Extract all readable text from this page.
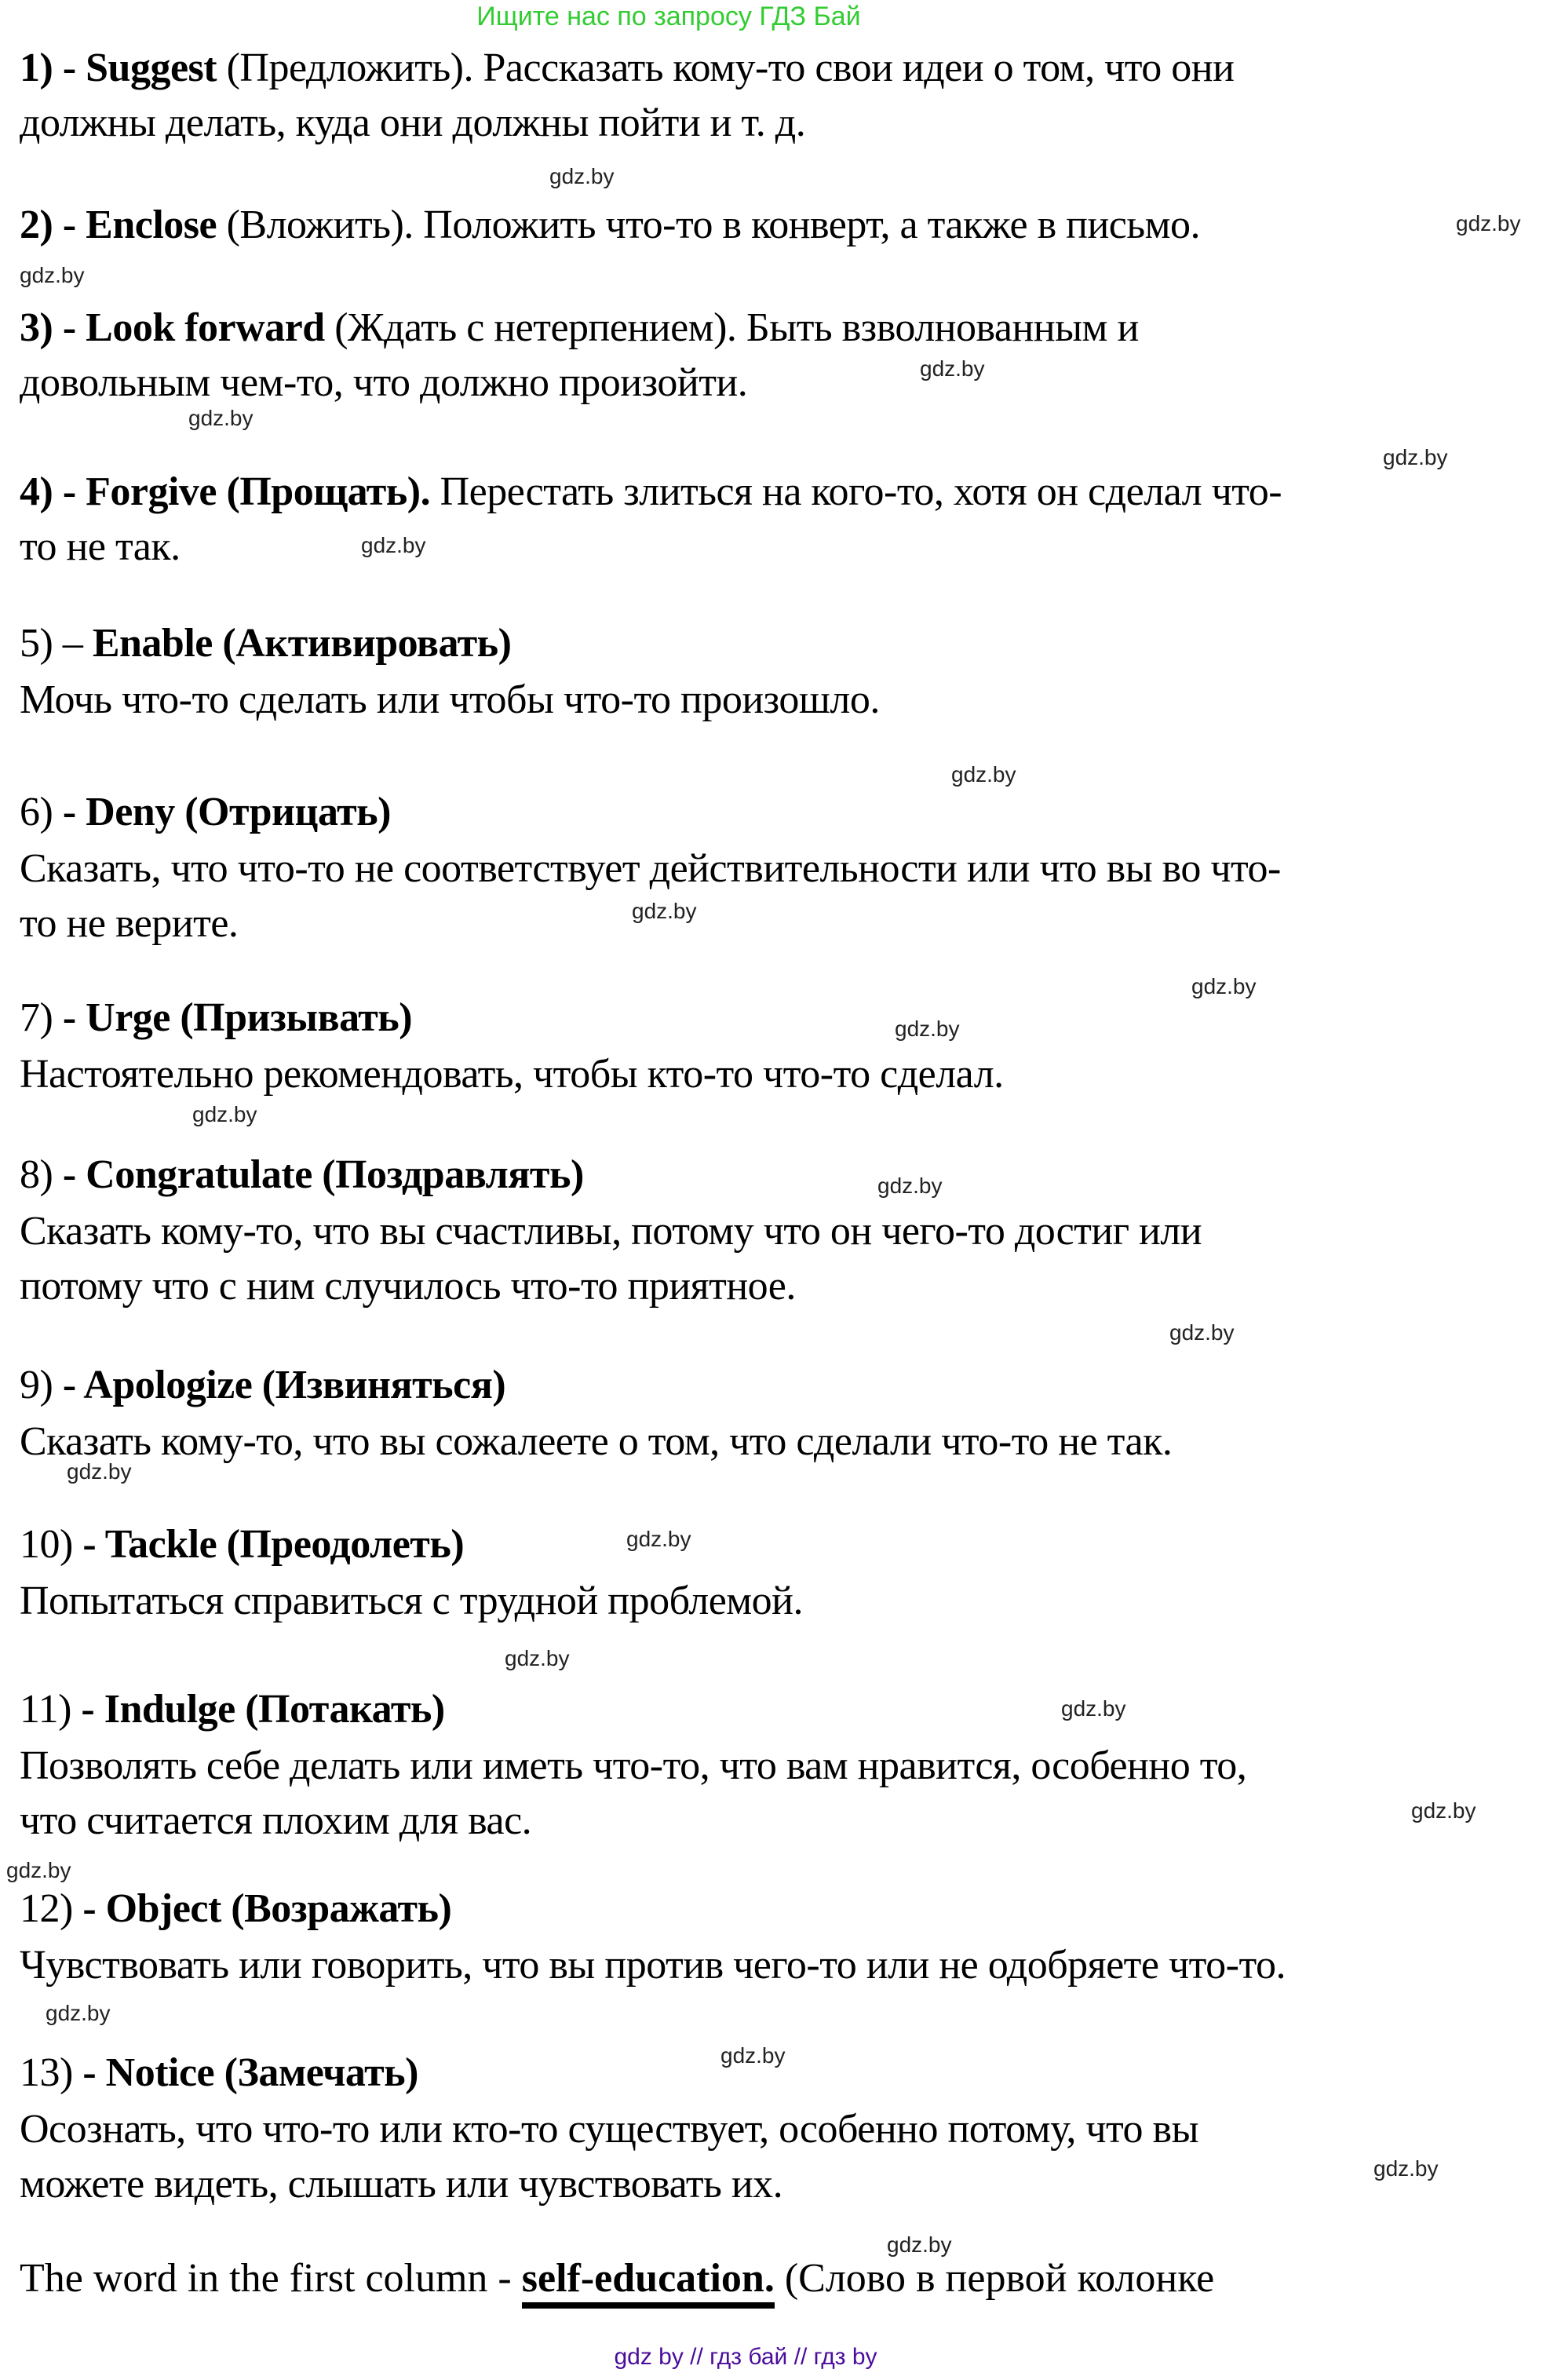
Ищите нас по запросу ГДЗ Бай
1) - Suggest (Предложить). Рассказать кому-то свои идеи о том, что они
должны делать, куда они должны пойти и т. д.
2) - Enclose (Вложить). Положить что-то в конверт, а также в письмо.
3) - Look forward (Ждать с нетерпением). Быть взволнованным и
довольным чем-то, что должно произойти.
4) - Forgive (Прощать). Перестать злиться на кого-то, хотя он сделал что-
то не так.
5) – Enable (Активировать)
Мочь что-то сделать или чтобы что-то произошло.
6) - Deny (Отрицать)
Сказать, что что-то не соответствует действительности или что вы во что-
то не верите.
7) - Urge (Призывать)
Настоятельно рекомендовать, чтобы кто-то что-то сделал.
8) - Congratulate (Поздравлять)
Сказать кому-то, что вы счастливы, потому что он чего-то достиг или
потому что с ним случилось что-то приятное.
9) - Apologize (Извиняться)
Сказать кому-то, что вы сожалеете о том, что сделали что-то не так.
10) - Tackle (Преодолеть)
Попытаться справиться с трудной проблемой.
11) - Indulge (Потакать)
Позволять себе делать или иметь что-то, что вам нравится, особенно то,
что считается плохим для вас.
12) - Object (Возражать)
Чувствовать или говорить, что вы против чего-то или не одобряете что-то.
13) - Notice (Замечать)
Осознать, что что-то или кто-то существует, особенно потому, что вы
можете видеть, слышать или чувствовать их.
The word in the first column - self-education. (Слово в первой колонке
gdz.by
gdz.by
gdz.by
gdz.by
gdz.by
gdz.by
gdz.by
gdz.by
gdz.by
gdz.by
gdz.by
gdz.by
gdz.by
gdz.by
gdz.by
gdz.by
gdz.by
gdz.by
gdz.by
gdz.by
gdz.by
gdz.by
gdz.by
gdz.by
gdz by // гдз бай // гдз by
